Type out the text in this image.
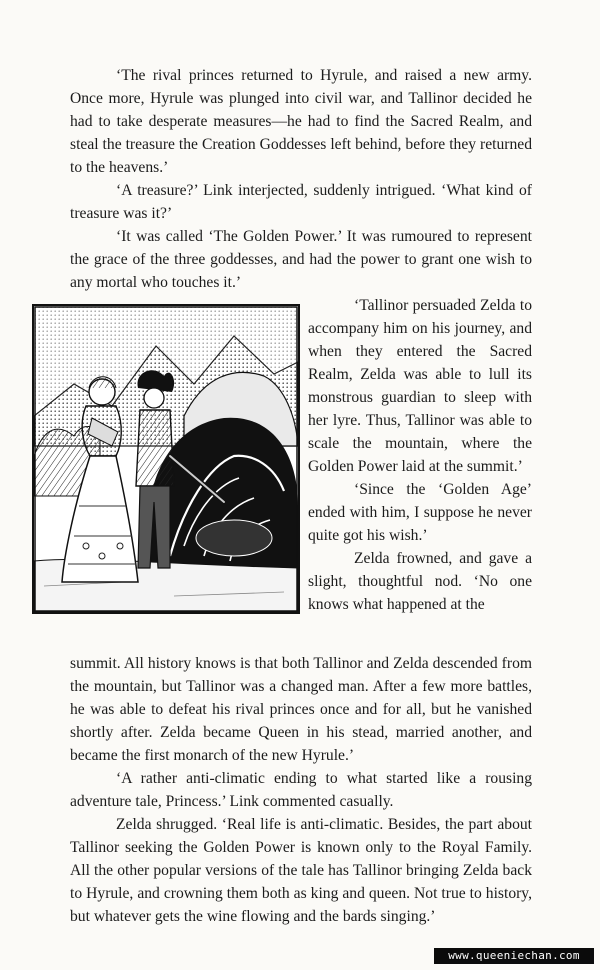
‘The rival princes returned to Hyrule, and raised a new army. Once more, Hyrule was plunged into civil war, and Tallinor decided he had to take desperate measures—he had to find the Sacred Realm, and steal the treasure the Creation Goddesses left behind, before they returned to the heavens.’

‘A treasure?’ Link interjected, suddenly intrigued. ‘What kind of treasure was it?’

‘It was called ‘The Golden Power.’ It was rumoured to represent the grace of the three goddesses, and had the power to grant one wish to any mortal who touches it.’

‘Tallinor persuaded Zelda to accompany him on his journey, and when they entered the Sacred Realm, Zelda was able to lull its monstrous guardian to sleep with her lyre. Thus, Tallinor was able to scale the mountain, where the Golden Power laid at the summit.’

‘Since the ‘Golden Age’ ended with him, I suppose he never quite got his wish.’

Zelda frowned, and gave a slight, thoughtful nod. ‘No one knows what happened at the

summit. All history knows is that both Tallinor and Zelda descended from the mountain, but Tallinor was a changed man. After a few more battles, he was able to defeat his rival princes once and for all, but he vanished shortly after. Zelda became Queen in his stead, married another, and became the first monarch of the new Hyrule.’

‘A rather anti-climatic ending to what started like a rousing adventure tale, Princess.’ Link commented casually.

Zelda shrugged. ‘Real life is anti-climatic. Besides, the part about Tallinor seeking the Golden Power is known only to the Royal Family. All the other popular versions of the tale has Tallinor bringing Zelda back to Hyrule, and crowning them both as king and queen. Not true to history, but whatever gets the wine flowing and the bards singing.’

www.queeniechan.com
